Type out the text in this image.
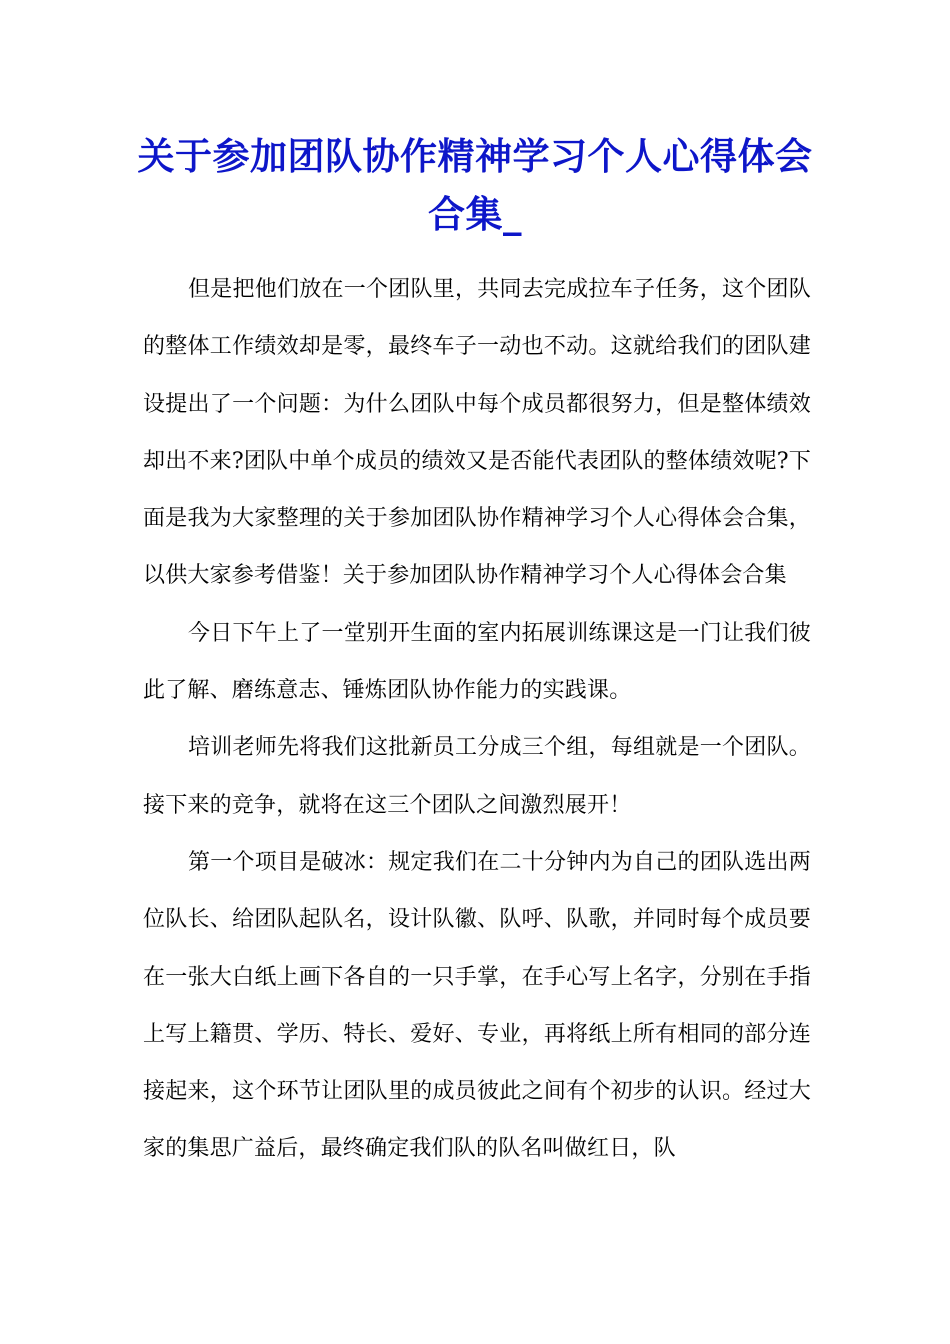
关于参加团队协作精神学习个人心得体会合集_

但是把他们放在一个团队里，共同去完成拉车子任务，这个团队的整体工作绩效却是零，最终车子一动也不动。这就给我们的团队建设提出了一个问题：为什么团队中每个成员都很努力，但是整体绩效却出不来?团队中单个成员的绩效又是否能代表团队的整体绩效呢?下面是我为大家整理的关于参加团队协作精神学习个人心得体会合集，以供大家参考借鉴！关于参加团队协作精神学习个人心得体会合集

今日下午上了一堂别开生面的室内拓展训练课这是一门让我们彼此了解、磨练意志、锤炼团队协作能力的实践课。

培训老师先将我们这批新员工分成三个组，每组就是一个团队。接下来的竞争，就将在这三个团队之间激烈展开！

第一个项目是破冰：规定我们在二十分钟内为自己的团队选出两位队长、给团队起队名，设计队徽、队呼、队歌，并同时每个成员要在一张大白纸上画下各自的一只手掌，在手心写上名字，分别在手指上写上籍贯、学历、特长、爱好、专业，再将纸上所有相同的部分连接起来，这个环节让团队里的成员彼此之间有个初步的认识。经过大家的集思广益后，最终确定我们队的队名叫做红日，队
